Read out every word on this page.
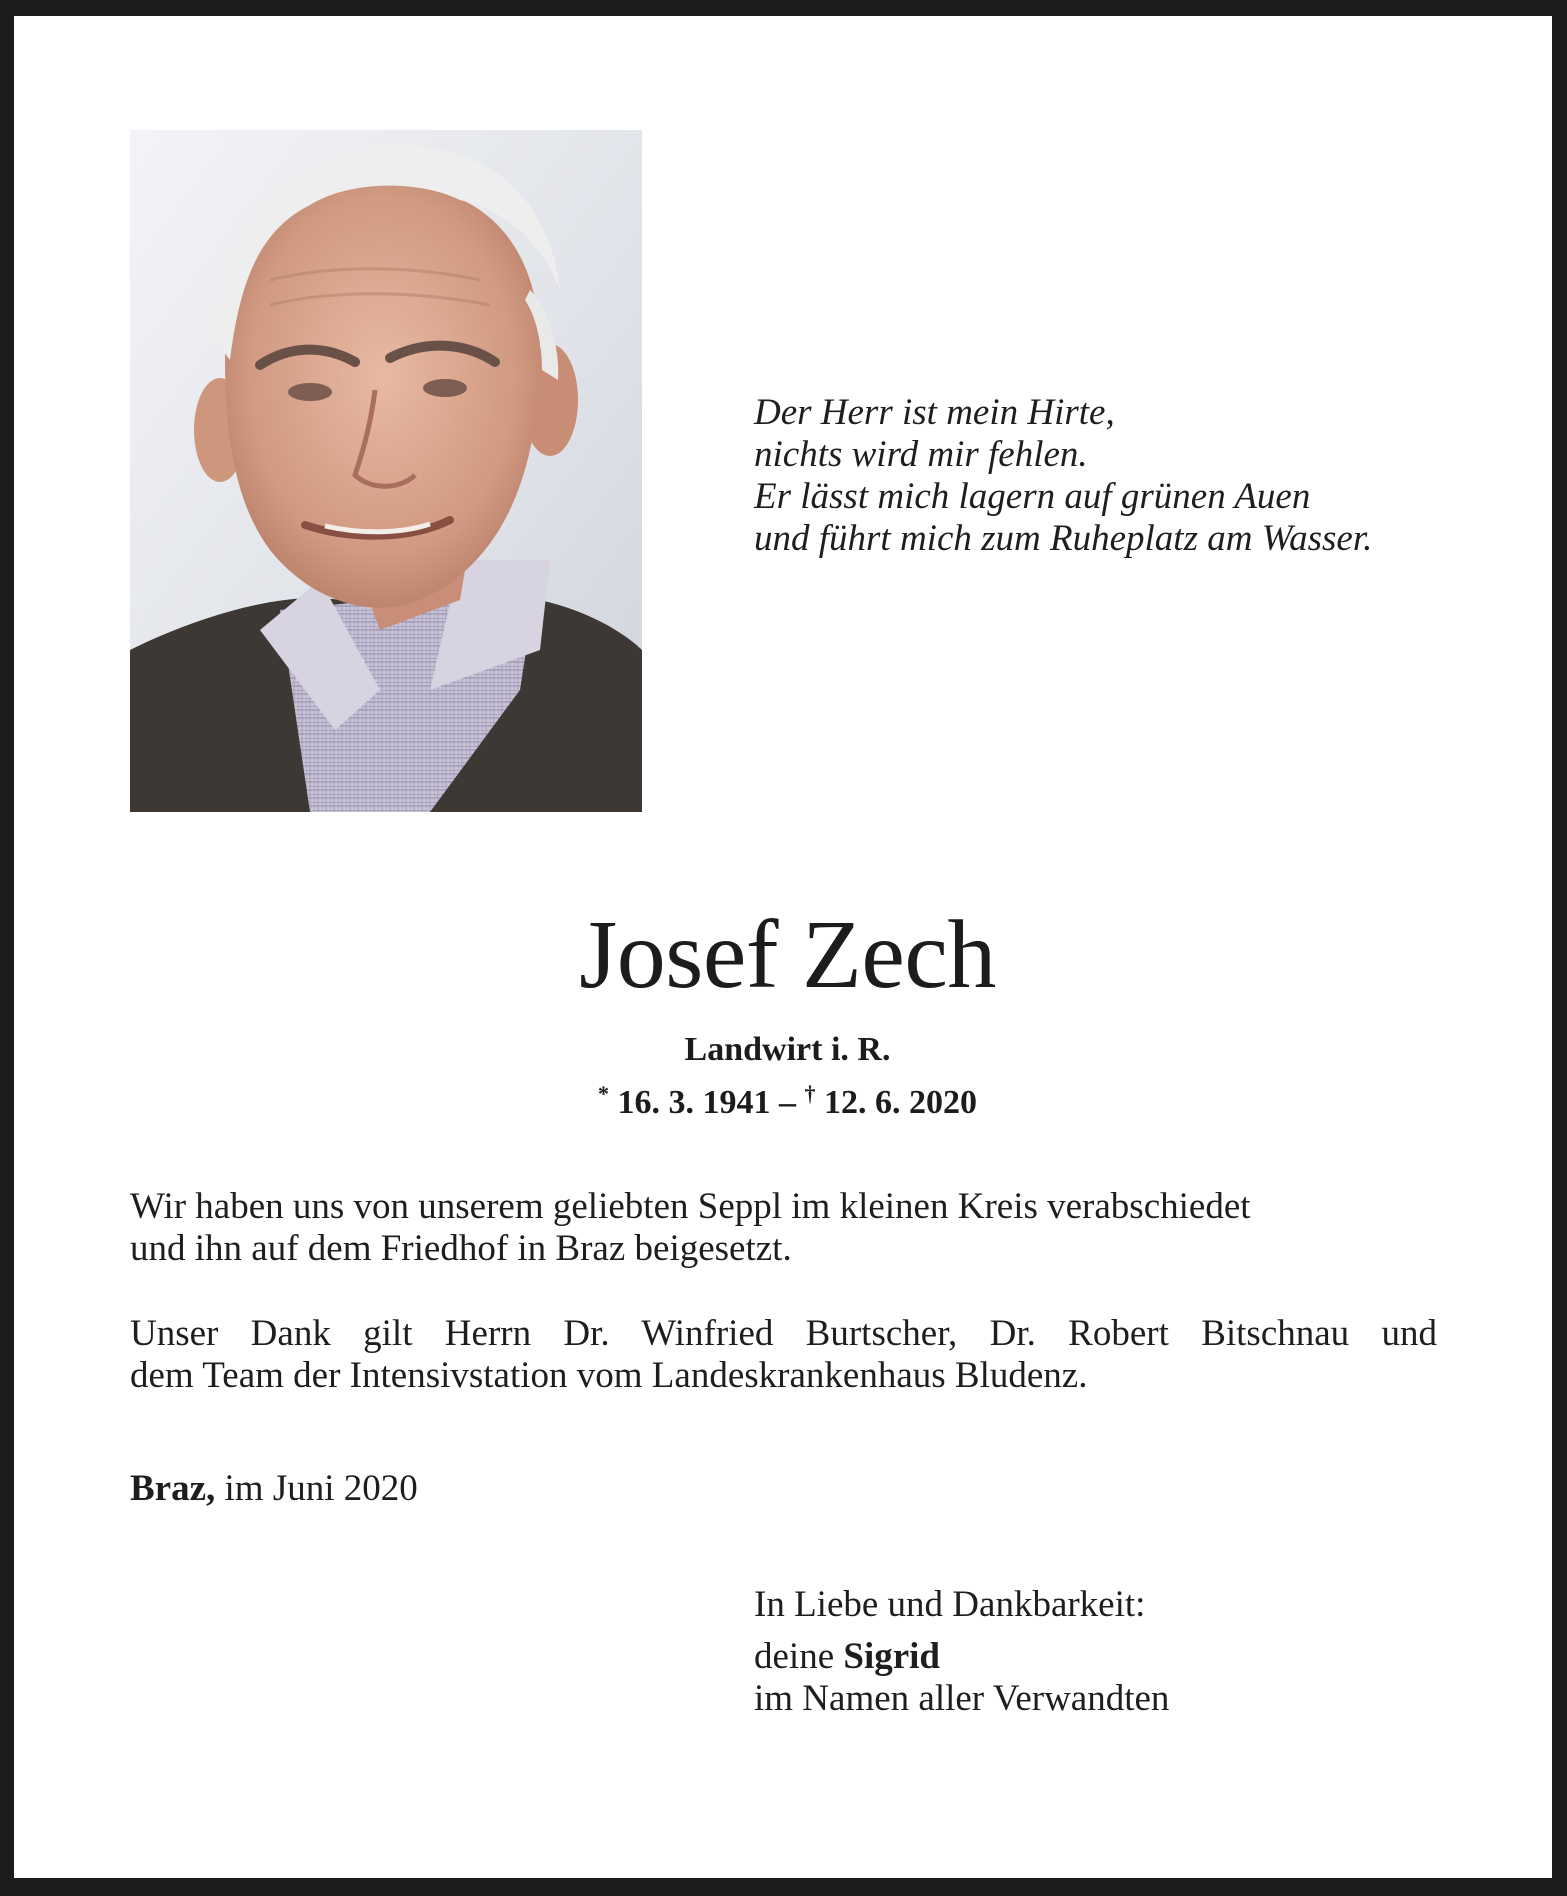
Der Herr ist mein Hirte,
nichts wird mir fehlen.
Er lässt mich lagern auf grünen Auen
und führt mich zum Ruheplatz am Wasser.
Josef Zech
Landwirt i. R.
* 16. 3. 1941 – † 12. 6. 2020
Wir haben uns von unserem geliebten Seppl im kleinen Kreis verabschiedet
und ihn auf dem Friedhof in Braz beigesetzt.
Unser Dank gilt Herrn Dr. Winfried Burtscher, Dr. Robert Bitschnau und
dem Team der Intensivstation vom Landeskrankenhaus Bludenz.
Braz, im Juni 2020
In Liebe und Dankbarkeit:
deine Sigrid
im Namen aller Verwandten
